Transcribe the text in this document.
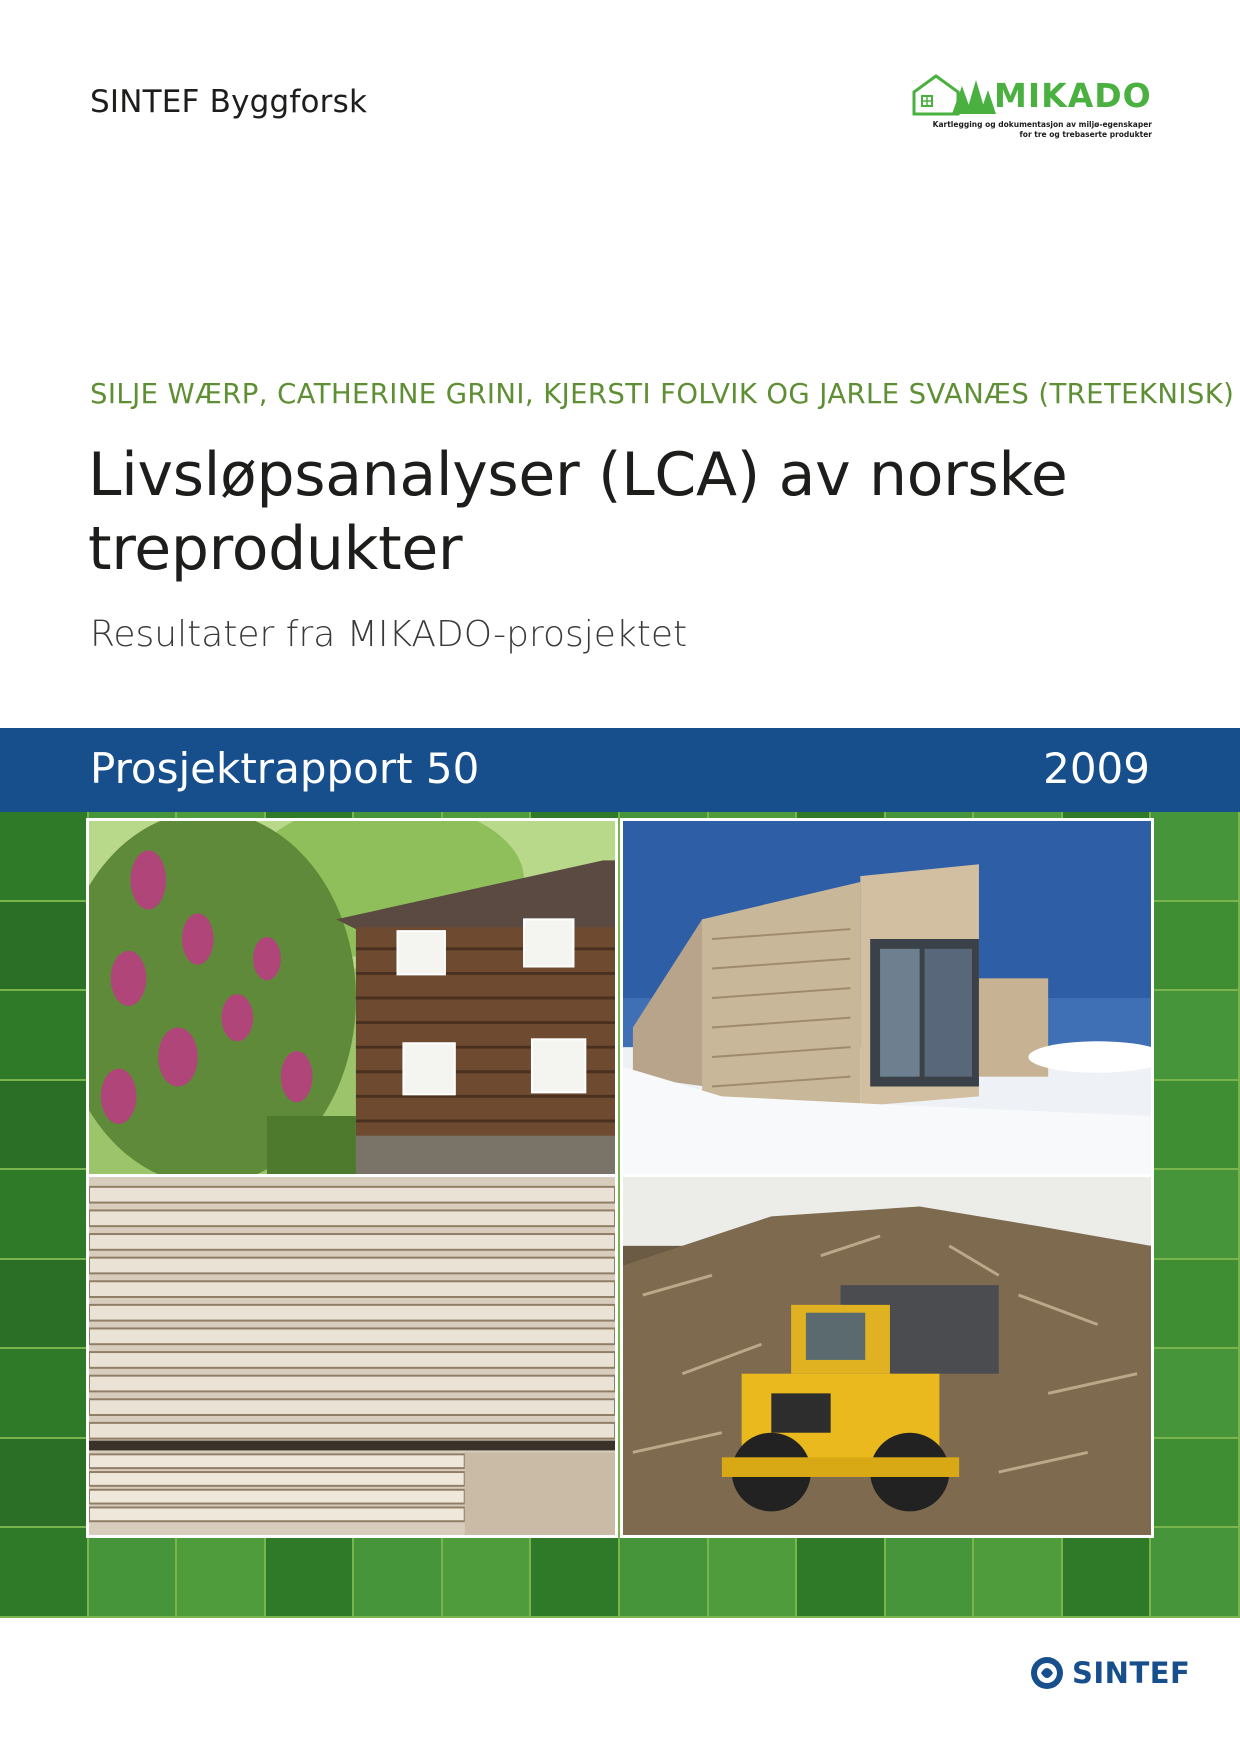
SINTEF Byggforsk	MIKADO
Kartlegging og dokumentasjon av miljø-egenskaper for tre og trebaserte produkter
SILJE WÆRP, CATHERINE GRINI, KJERSTI FOLVIK OG JARLE SVANÆS (TRETEKNISK)
Livsløpsanalyser (LCA) av norske treprodukter
Resultater fra MIKADO-prosjektet
Prosjektrapport 50	2009
SINTEF
